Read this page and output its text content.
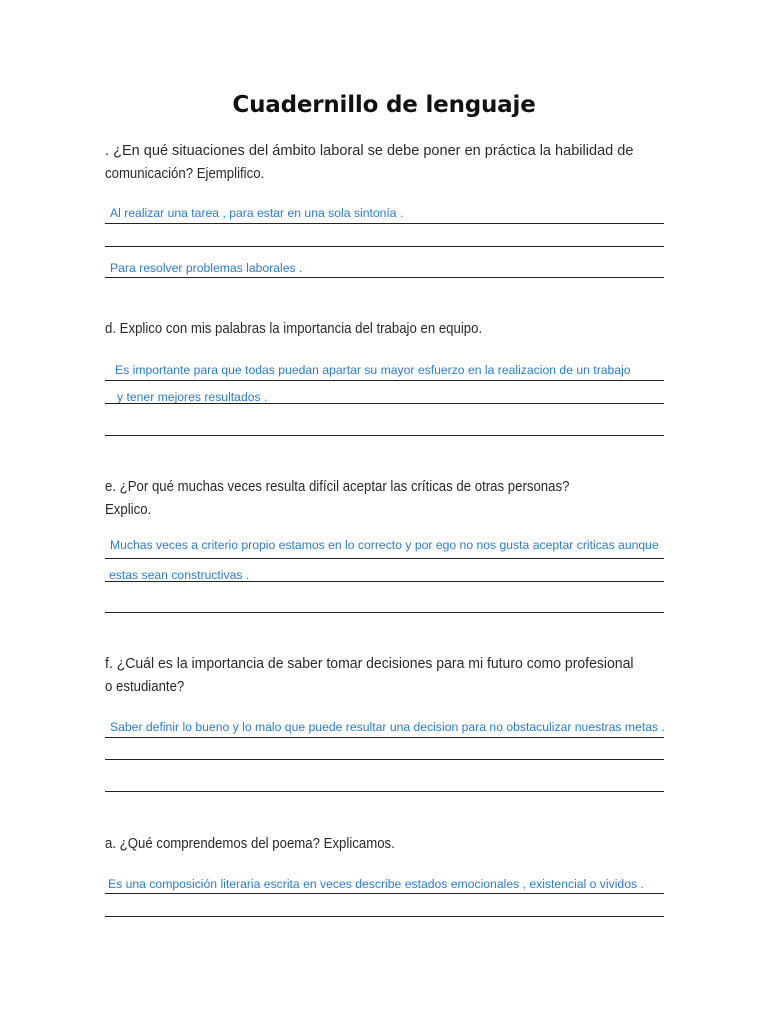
Cuadernillo de lenguaje
. ¿En qué situaciones del ámbito laboral se debe poner en práctica la habilidad de
comunicación? Ejemplifico.
Al realizar una tarea , para estar en una sola sintonía .
Para resolver problemas laborales .
d. Explico con mis palabras la importancia del trabajo en equipo.
Es importante para que todas puedan apartar su mayor esfuerzo en la realizacion de un trabajo
y tener mejores resultados .
e. ¿Por qué muchas veces resulta difícil aceptar las críticas de otras personas?
Explico.
Muchas veces a criterio propio estamos en lo correcto y por ego no nos gusta aceptar criticas aunque
estas sean constructivas .
f. ¿Cuál es la importancia de saber tomar decisiones para mi futuro como profesional
o estudiante?
Saber definir lo bueno y lo malo que puede resultar una decision para no obstaculizar nuestras metas .
a. ¿Qué comprendemos del poema? Explicamos.
Es una composición literaria escrita en veces describe estados emocionales , existencial o vividos .
